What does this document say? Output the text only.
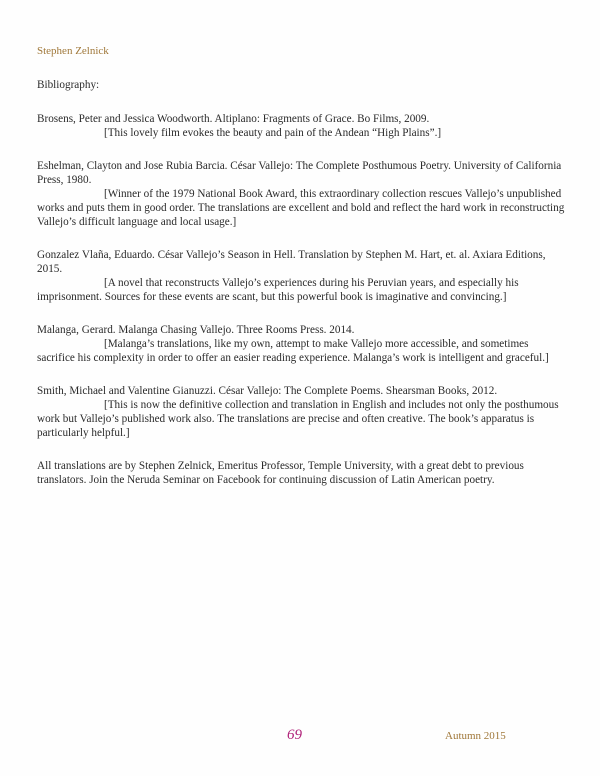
Stephen Zelnick

Bibliography:

Brosens, Peter and Jessica Woodworth. Altiplano: Fragments of Grace. Bo Films, 2009.

[This lovely film evokes the beauty and pain of the Andean “High Plains”.]

Eshelman, Clayton and Jose Rubia Barcia. César Vallejo: The Complete Posthumous Poetry. University of California Press, 1980.

[Winner of the 1979 National Book Award, this extraordinary collection rescues Vallejo’s unpublished works and puts them in good order. The translations are excellent and bold and reflect the hard work in reconstructing Vallejo’s difficult language and local usage.]

Gonzalez Vlaña, Eduardo. César Vallejo’s Season in Hell. Translation by Stephen M. Hart, et. al. Axiara Editions, 2015.

[A novel that reconstructs Vallejo’s experiences during his Peruvian years, and especially his imprisonment. Sources for these events are scant, but this powerful book is imaginative and convincing.]

Malanga, Gerard. Malanga Chasing Vallejo. Three Rooms Press. 2014.

[Malanga’s translations, like my own, attempt to make Vallejo more accessible, and sometimes sacrifice his complexity in order to offer an easier reading experience. Malanga’s work is intelligent and graceful.]

Smith, Michael and Valentine Gianuzzi. César Vallejo: The Complete Poems. Shearsman Books, 2012.

[This is now the definitive collection and translation in English and includes not only the posthumous work but Vallejo’s published work also. The translations are precise and often creative. The book’s apparatus is particularly helpful.]

All translations are by Stephen Zelnick, Emeritus Professor, Temple University, with a great debt to previous translators. Join the Neruda Seminar on Facebook for continuing discussion of Latin American poetry.

69	Autumn 2015
